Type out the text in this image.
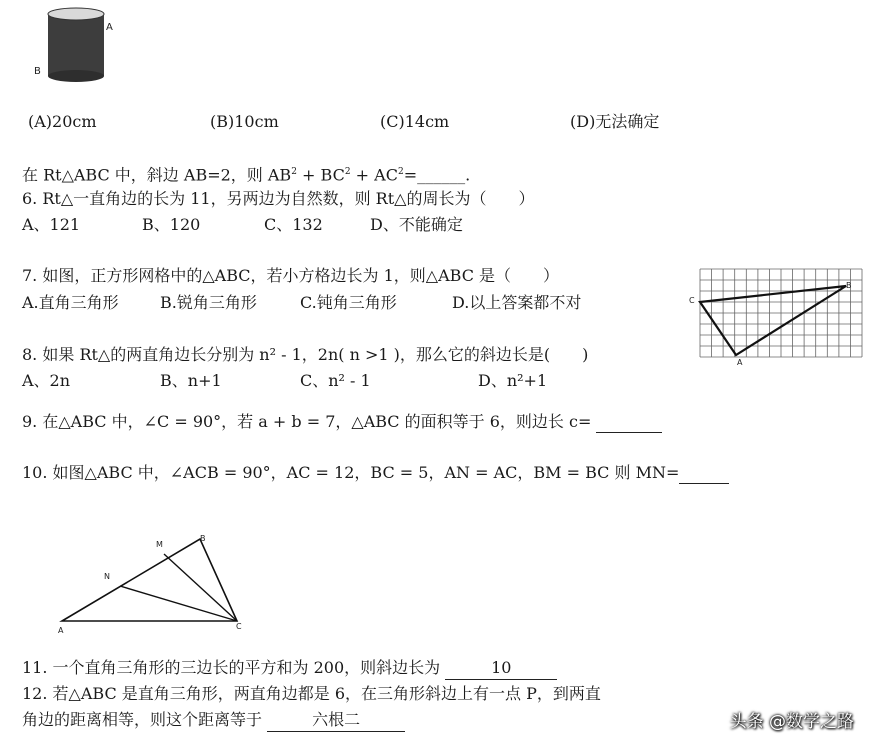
A
B
(A)20cm	(B)10cm	(C)14cm	(D)无法确定
在 Rt△ABC 中，斜边 AB=2，则 $AB^2 + BC^2$ + $AC^2=\_\_\_\_\_\_$.
6. Rt△一直角边的长为 11，另两边为自然数，则 Rt△的周长为（　　）
A、121	B、120	C、132	D、不能确定
7. 如图，正方形网格中的△ABC，若小方格边长为 1，则△ABC 是（　　）
A.直角三角形	B.锐角三角形	C.钝角三角形	D.以上答案都不对	C
B
A
8. 如果 Rt△的两直角边长分别为 n² - 1，2n( n >1 )，那么它的斜边长是(　　)
A、2n	B、n+1	C、n² - 1	D、n²+1
9. 在△ABC 中，∠C = 90°，若 a + b = 7，△ABC 的面积等于 6，则边长 c=
10. 如图△ABC 中，∠ACB = 90°，AC = 12，BC = 5，AN = AC，BM = BC 则 MN=
A
B
C
M
N
11. 一个直角三角形的三边长的平方和为 200，则斜边长为	10
12. 若△ABC 是直角三角形，两直角边都是 6，在三角形斜边上有一点 P，到两直
角边的距离相等，则这个距离等于	六根二	头条 @数学之路
